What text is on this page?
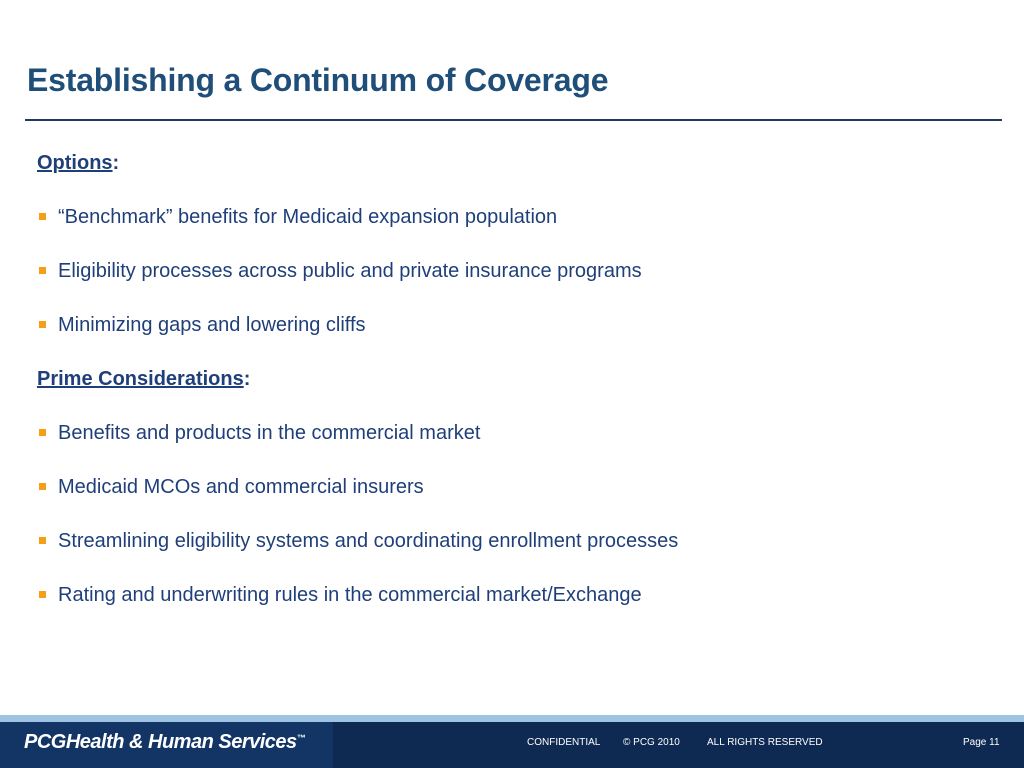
Establishing a Continuum of Coverage
Options:
“Benchmark” benefits for Medicaid expansion population
Eligibility processes across public and private insurance programs
Minimizing gaps and lowering cliffs
Prime Considerations:
Benefits and products in the commercial market
Medicaid MCOs and commercial insurers
Streamlining eligibility systems and coordinating enrollment processes
Rating and underwriting rules in the commercial market/Exchange
PCGHealth & Human Services™	CONFIDENTIAL © PCG 2010	ALL RIGHTS RESERVED	Page 11
